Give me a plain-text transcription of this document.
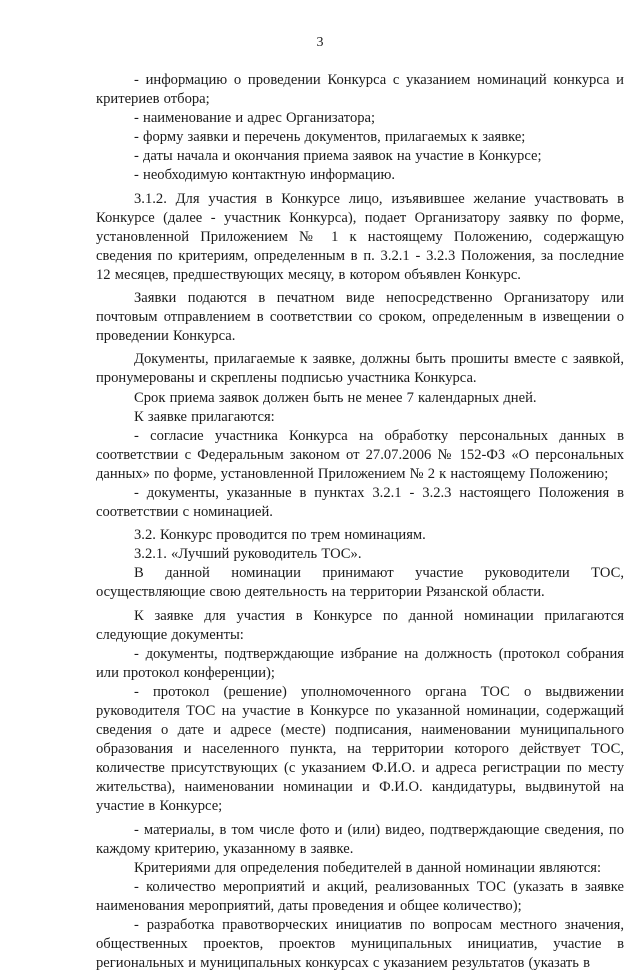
3

- информацию о проведении Конкурса с указанием номинаций конкурса и критериев отбора;

- наименование и адрес Организатора;

- форму заявки и перечень документов, прилагаемых к заявке;

- даты начала и окончания приема заявок на участие в Конкурсе;

- необходимую контактную информацию.

3.1.2. Для участия в Конкурсе лицо, изъявившее желание участвовать в Конкурсе (далее - участник Конкурса), подает Организатору заявку по форме, установленной Приложением № 1 к настоящему Положению, содержащую сведения по критериям, определенным в п. 3.2.1 - 3.2.3 Положения, за последние 12 месяцев, предшествующих месяцу, в котором объявлен Конкурс.

Заявки подаются в печатном виде непосредственно Организатору или почтовым отправлением в соответствии со сроком, определенным в извещении о проведении Конкурса.

Документы, прилагаемые к заявке, должны быть прошиты вместе с заявкой, пронумерованы и скреплены подписью участника Конкурса.

Срок приема заявок должен быть не менее 7 календарных дней.

К заявке прилагаются:

- согласие участника Конкурса на обработку персональных данных в соответствии с Федеральным законом от 27.07.2006 № 152-ФЗ «О персональных данных» по форме, установленной Приложением № 2 к настоящему Положению;

- документы, указанные в пунктах 3.2.1 - 3.2.3 настоящего Положения в соответствии с номинацией.

3.2. Конкурс проводится по трем номинациям.

3.2.1. «Лучший руководитель ТОС».

В данной номинации принимают участие руководители ТОС, осуществляющие свою деятельность на территории Рязанской области.

К заявке для участия в Конкурсе по данной номинации прилагаются следующие документы:

- документы, подтверждающие избрание на должность (протокол собрания или протокол конференции);

- протокол (решение) уполномоченного органа ТОС о выдвижении руководителя ТОС на участие в Конкурсе по указанной номинации, содержащий сведения о дате и адресе (месте) подписания, наименовании муниципального образования и населенного пункта, на территории которого действует ТОС, количестве присутствующих (с указанием Ф.И.О. и адреса регистрации по месту жительства), наименовании номинации и Ф.И.О. кандидатуры, выдвинутой на участие в Конкурсе;

- материалы, в том числе фото и (или) видео, подтверждающие сведения, по каждому критерию, указанному в заявке.

Критериями для определения победителей в данной номинации являются:

- количество мероприятий и акций, реализованных ТОС (указать в заявке наименования мероприятий, даты проведения и общее количество);

- разработка правотворческих инициатив по вопросам местного значения, общественных проектов, проектов муниципальных инициатив, участие в региональных и муниципальных конкурсах с указанием результатов (указать в
